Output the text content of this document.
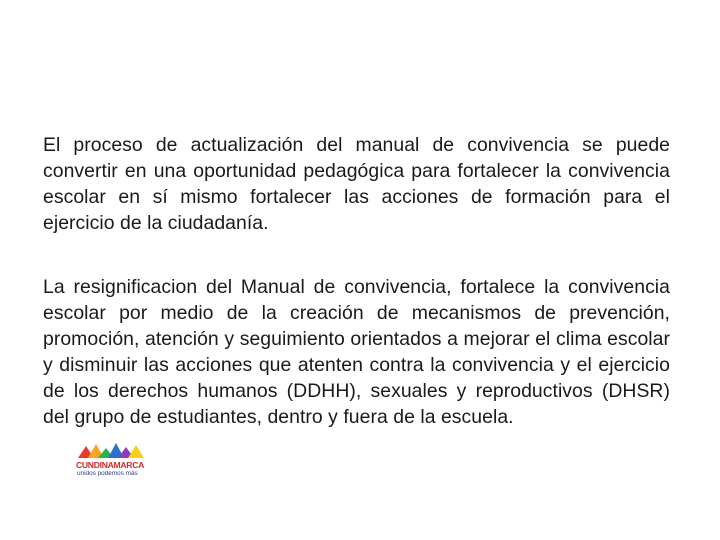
El proceso de actualización del manual de convivencia se puede convertir en una oportunidad pedagógica para fortalecer la convivencia escolar en sí mismo fortalecer las acciones de formación para el ejercicio de la ciudadanía.

La resignificacion del Manual de convivencia, fortalece la convivencia escolar por medio de la creación de mecanismos de prevención, promoción, atención y seguimiento orientados a mejorar el clima escolar y disminuir las acciones que atenten contra la convivencia y el ejercicio de los derechos humanos (DDHH), sexuales y reproductivos (DHSR) del grupo de estudiantes, dentro y fuera de la escuela.

CUNDINAMARCA
unidos podemos más
